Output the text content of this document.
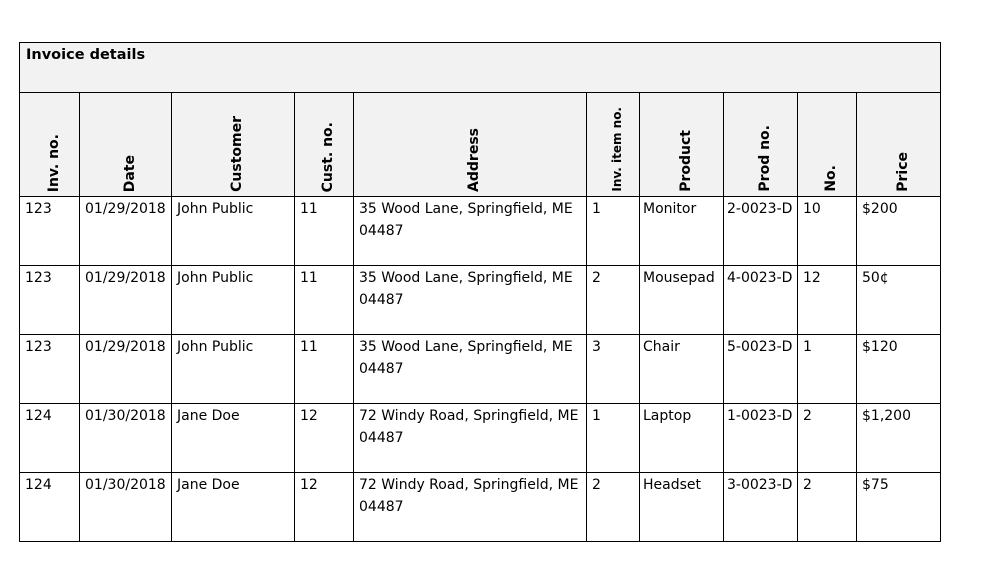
Invoice details									

Inv. no.	Date	Customer	Cust. no.	Address	Inv. item no.	Product	Prod no.	No.	Price

123	01/29/2018	John Public	11	35 Wood Lane, Springfield, ME 04487	1	Monitor	2-0023-D	10	$200

123	01/29/2018	John Public	11	35 Wood Lane, Springfield, ME 04487	2	Mousepad	4-0023-D	12	50¢

123	01/29/2018	John Public	11	35 Wood Lane, Springfield, ME 04487	3	Chair	5-0023-D	1	$120

124	01/30/2018	Jane Doe	12	72 Windy Road, Springfield, ME 04487	1	Laptop	1-0023-D	2	$1,200

124	01/30/2018	Jane Doe	12	72 Windy Road, Springfield, ME 04487	2	Headset	3-0023-D	2	$75
